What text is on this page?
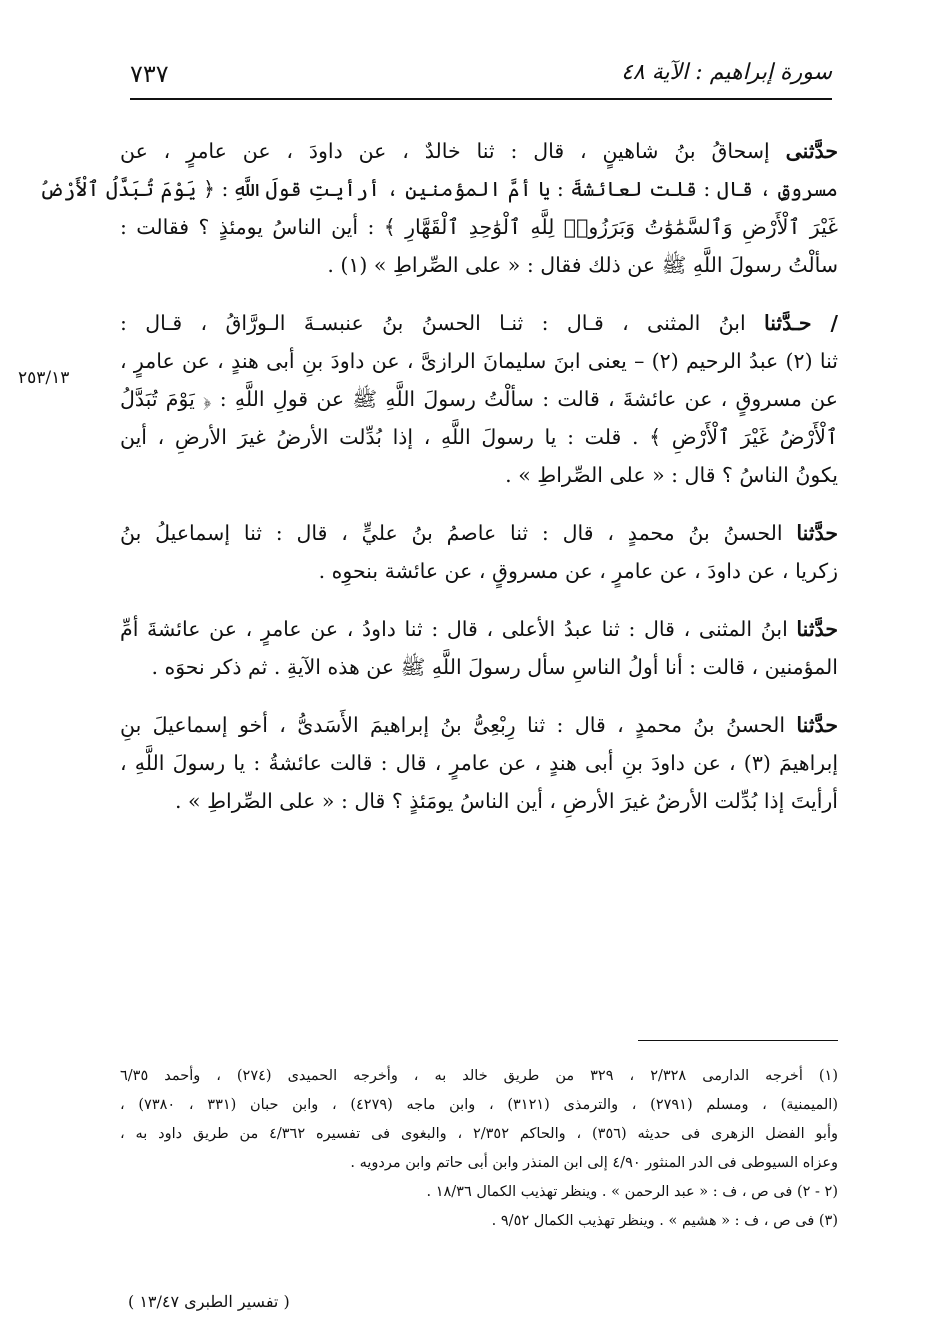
سورة إبراهيم : الآية ٤٨
٧٣٧
٢٥٣/١٣
حدَّثنى إسحاقُ بنُ شاهينٍ ، قال : ثنا خالدٌ ، عن داودَ ، عن عامرٍ ، عن
مسروقٍ ، قال : قلت لعائشةَ : يا أمَّ المؤمنين ، أرأيتِ قولَ اللَّهِ : ﴿ يَوْمَ تُبَدَّلُ ٱلْأَرْضُ
غَيْرَ ٱلْأَرْضِ وَٱلسَّمَٰوَٰتُ وَبَرَزُوا۟ لِلَّهِ ٱلْوَٰحِدِ ٱلْقَهَّارِ ﴾ : أين الناسُ يومئذٍ ؟ فقالت :
سألْتُ رسولَ اللَّهِ ﷺ عن ذلك فقال : « على الصِّراطِ » (١) .
/ حـدَّثنا ابنُ المثنى ، قـال : ثنـا الحسنُ بنُ عنبسـةَ الـورَّاقُ ، قـال :
ثنا (٢) عبدُ الرحيم (٢) – يعنى ابنَ سليمانَ الرازىَّ ، عن داودَ بنِ أبى هندٍ ، عن عامرٍ ،
عن مسروقٍ ، عن عائشةَ ، قالت : سألْتُ رسولَ اللَّهِ ﷺ عن قولِ اللَّهِ : ﴿ يَوْمَ تُبَدَّلُ
ٱلْأَرْضُ غَيْرَ ٱلْأَرْضِ ﴾ . قلت : يا رسولَ اللَّهِ ، إذا بُدِّلت الأرضُ غيرَ الأرضِ ، أين
يكونُ الناسُ ؟ قال : « على الصِّراطِ » .
حدَّثنا الحسنُ بنُ محمدٍ ، قال : ثنا عاصمُ بنُ عليٍّ ، قال : ثنا إسماعيلُ بنُ
زكريا ، عن داودَ ، عن عامرٍ ، عن مسروقٍ ، عن عائشة بنحوِه .
حدَّثنا ابنُ المثنى ، قال : ثنا عبدُ الأعلى ، قال : ثنا داودُ ، عن عامرٍ ، عن عائشةَ أمِّ
المؤمنين ، قالت : أنا أولُ الناسِ سأل رسولَ اللَّهِ ﷺ عن هذه الآيةِ . ثم ذكر نحوَه .
حدَّثنا الحسنُ بنُ محمدٍ ، قال : ثنا رِبْعِىُّ بنُ إبراهيمَ الأَسَدىُّ ، أخو إسماعيلَ بنِ
إبراهيمَ (٣) ، عن داودَ بنِ أبى هندٍ ، عن عامرٍ ، قال : قالت عائشةُ : يا رسولَ اللَّهِ ،
أرأيتَ إذا بُدِّلت الأرضُ غيرَ الأرضِ ، أين الناسُ يومَئذٍ ؟ قال : « على الصِّراطِ » .
(١) أخرجه الدارمى ٢/٣٢٨ ، ٣٢٩ من طريق خالد به ، وأخرجه الحميدى (٢٧٤) ، وأحمد ٦/٣٥
(الميمنية) ، ومسلم (٢٧٩١) ، والترمذى (٣١٢١) ، وابن ماجه (٤٢٧٩) ، وابن حبان (٣٣١ ، ٧٣٨٠) ،
وأبو الفضل الزهرى فى حديثه (٣٥٦) ، والحاكم ٢/٣٥٢ ، والبغوى فى تفسيره ٤/٣٦٢ من طريق داود به ،
وعزاه السيوطى فى الدر المنثور ٤/٩٠ إلى ابن المنذر وابن أبى حاتم وابن مردويه .
(٢ - ٢) فى ص ، ف : « عبد الرحمن » . وينظر تهذيب الكمال ١٨/٣٦ .
(٣) فى ص ، ف : « هشيم » . وينظر تهذيب الكمال ٩/٥٢ .
( تفسير الطبرى ١٣/٤٧ )
